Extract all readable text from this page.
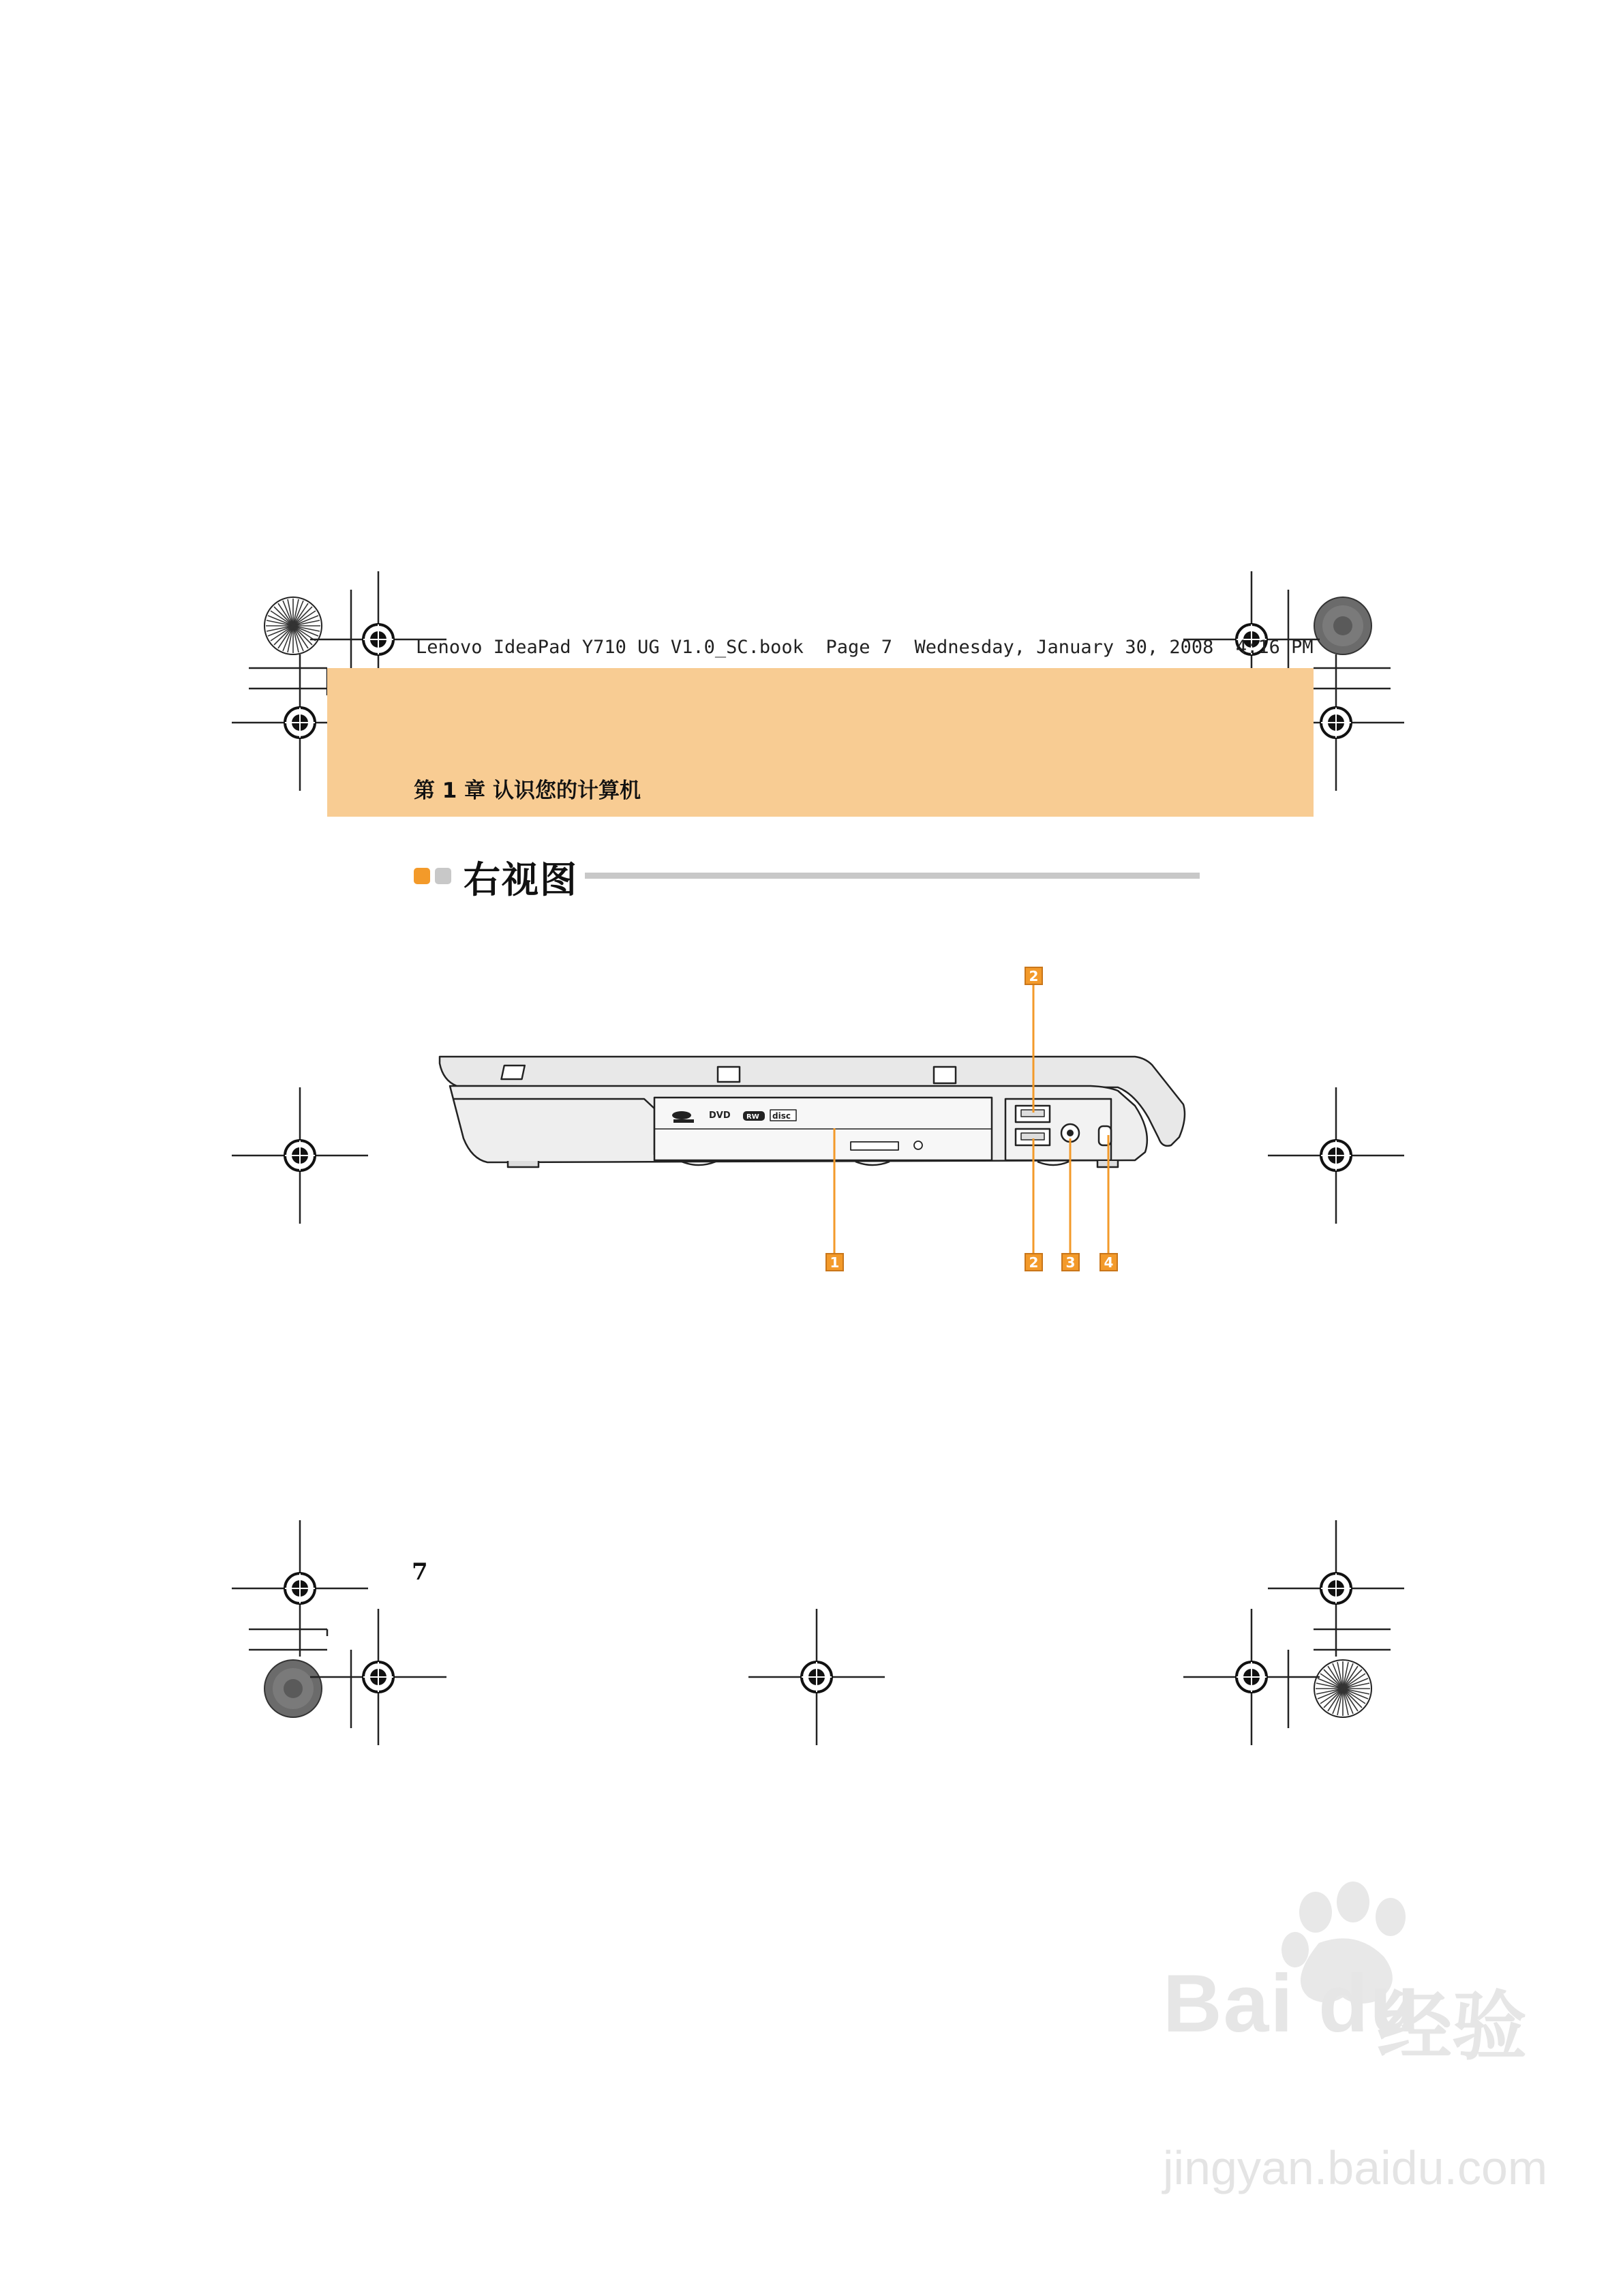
Lenovo IdeaPad Y710 UG V1.0_SC.book  Page 7  Wednesday, January 30, 2008  4:16 PM
第 1 章 认识您的计算机
右视图
DVD	disc
RW
2
1	2	3	4
7
Bai du
经验
jingyan.baidu.com
